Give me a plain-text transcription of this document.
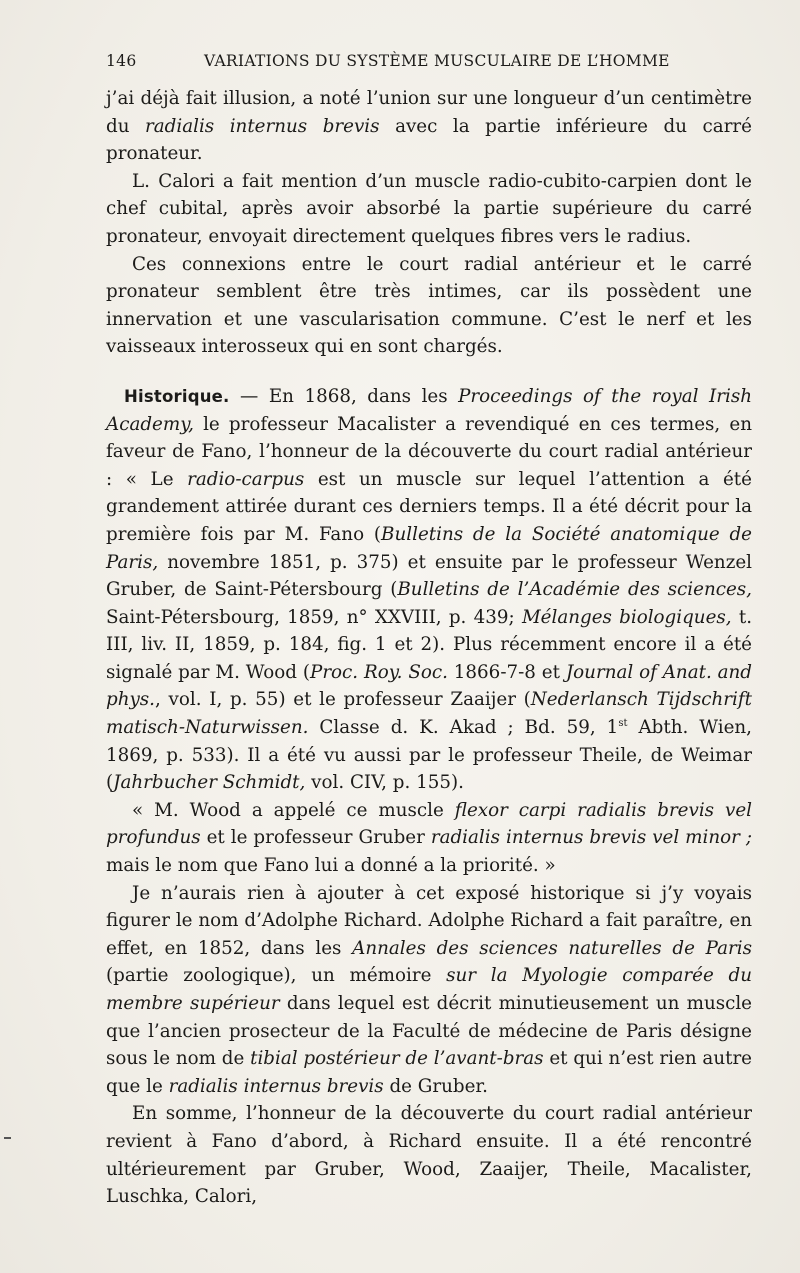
146	VARIATIONS DU SYSTÈME MUSCULAIRE DE L’HOMME

j’ai déjà fait illusion, a noté l’union sur une longueur d’un centimètre du radialis internus brevis avec la partie inférieure du carré pronateur.

L. Calori a fait mention d’un muscle radio-cubito-carpien dont le chef cubital, après avoir absorbé la partie supérieure du carré pronateur, envoyait directement quelques fibres vers le radius.

Ces connexions entre le court radial antérieur et le carré pronateur semblent être très intimes, car ils possèdent une innervation et une vascularisation commune. C’est le nerf et les vaisseaux interosseux qui en sont chargés.

Historique. — En 1868, dans les Proceedings of the royal Irish Academy, le professeur Macalister a revendiqué en ces termes, en faveur de Fano, l’honneur de la découverte du court radial antérieur : « Le radio-carpus est un muscle sur lequel l’attention a été grandement attirée durant ces derniers temps. Il a été décrit pour la première fois par M. Fano (Bulletins de la Société anatomique de Paris, novembre 1851, p. 375) et ensuite par le professeur Wenzel Gruber, de Saint-Pétersbourg (Bulletins de l’Académie des sciences, Saint-Pétersbourg, 1859, n° XXVIII, p. 439; Mélanges biologiques, t. III, liv. II, 1859, p. 184, fig. 1 et 2). Plus récemment encore il a été signalé par M. Wood (Proc. Roy. Soc. 1866-7-8 et Journal of Anat. and phys., vol. I, p. 55) et le professeur Zaaijer (Nederlansch Tijdschrift matisch-Naturwissen. Classe d. K. Akad ; Bd. 59, 1st Abth. Wien, 1869, p. 533). Il a été vu aussi par le professeur Theile, de Weimar (Jahrbucher Schmidt, vol. CIV, p. 155).

« M. Wood a appelé ce muscle flexor carpi radialis brevis vel profundus et le professeur Gruber radialis internus brevis vel minor ; mais le nom que Fano lui a donné a la priorité. »

Je n’aurais rien à ajouter à cet exposé historique si j’y voyais figurer le nom d’Adolphe Richard. Adolphe Richard a fait paraître, en effet, en 1852, dans les Annales des sciences naturelles de Paris (partie zoologique), un mémoire sur la Myologie comparée du membre supérieur dans lequel est décrit minutieusement un muscle que l’ancien prosecteur de la Faculté de médecine de Paris désigne sous le nom de tibial postérieur de l’avant-bras et qui n’est rien autre que le radialis internus brevis de Gruber.

En somme, l’honneur de la découverte du court radial antérieur revient à Fano d’abord, à Richard ensuite. Il a été rencontré ultérieurement par Gruber, Wood, Zaaijer, Theile, Macalister, Luschka, Calori,
